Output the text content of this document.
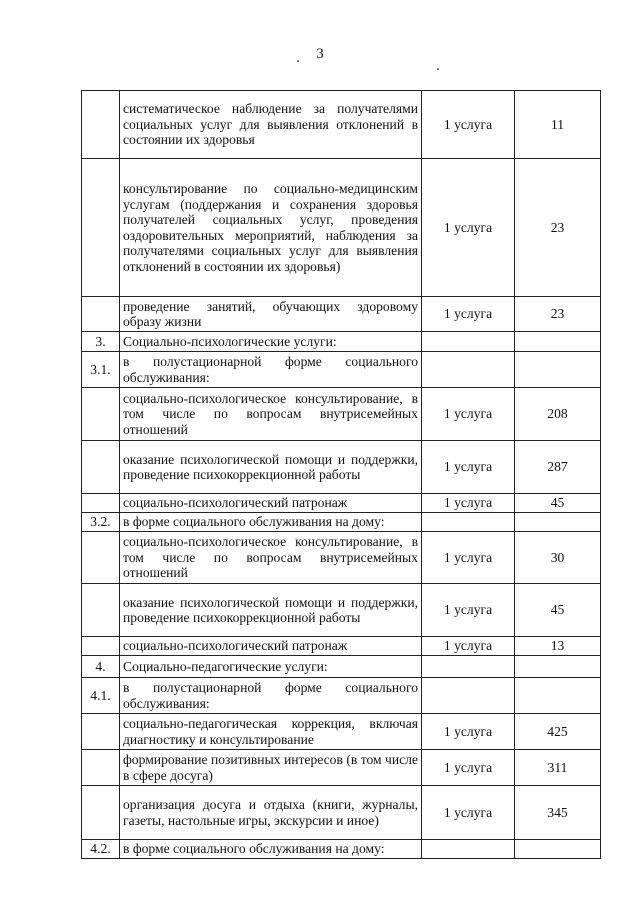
3
	систематическое наблюдение за получателями социальных услуг для выявления отклонений в состоянии их здоровья	1 услуга	11
	консультирование по социально-медицинским услугам (поддержания и сохранения здоровья получателей социальных услуг, проведения оздоровительных мероприятий, наблюдения за получателями социальных услуг для выявления отклонений в состоянии их здоровья)	1 услуга	23
	проведение занятий, обучающих здоровому образу жизни	1 услуга	23
3.	Социально-психологические услуги:		
3.1.	в полустационарной форме социального обслуживания:		
	социально-психологическое консультирование, в том числе по вопросам внутрисемейных отношений	1 услуга	208
	оказание психологической помощи и поддержки, проведение психокоррекционной работы	1 услуга	287
	социально-психологический патронаж	1 услуга	45
3.2.	в форме социального обслуживания на дому:		
	социально-психологическое консультирование, в том числе по вопросам внутрисемейных отношений	1 услуга	30
	оказание психологической помощи и поддержки, проведение психокоррекционной работы	1 услуга	45
	социально-психологический патронаж	1 услуга	13
4.	Социально-педагогические услуги:		
4.1.	в полустационарной форме социального обслуживания:		
	социально-педагогическая коррекция, включая диагностику и консультирование	1 услуга	425
	формирование позитивных интересов (в том числе в сфере досуга)	1 услуга	311
	организация досуга и отдыха (книги, журналы, газеты, настольные игры, экскурсии и иное)	1 услуга	345
4.2.	в форме социального обслуживания на дому:		
